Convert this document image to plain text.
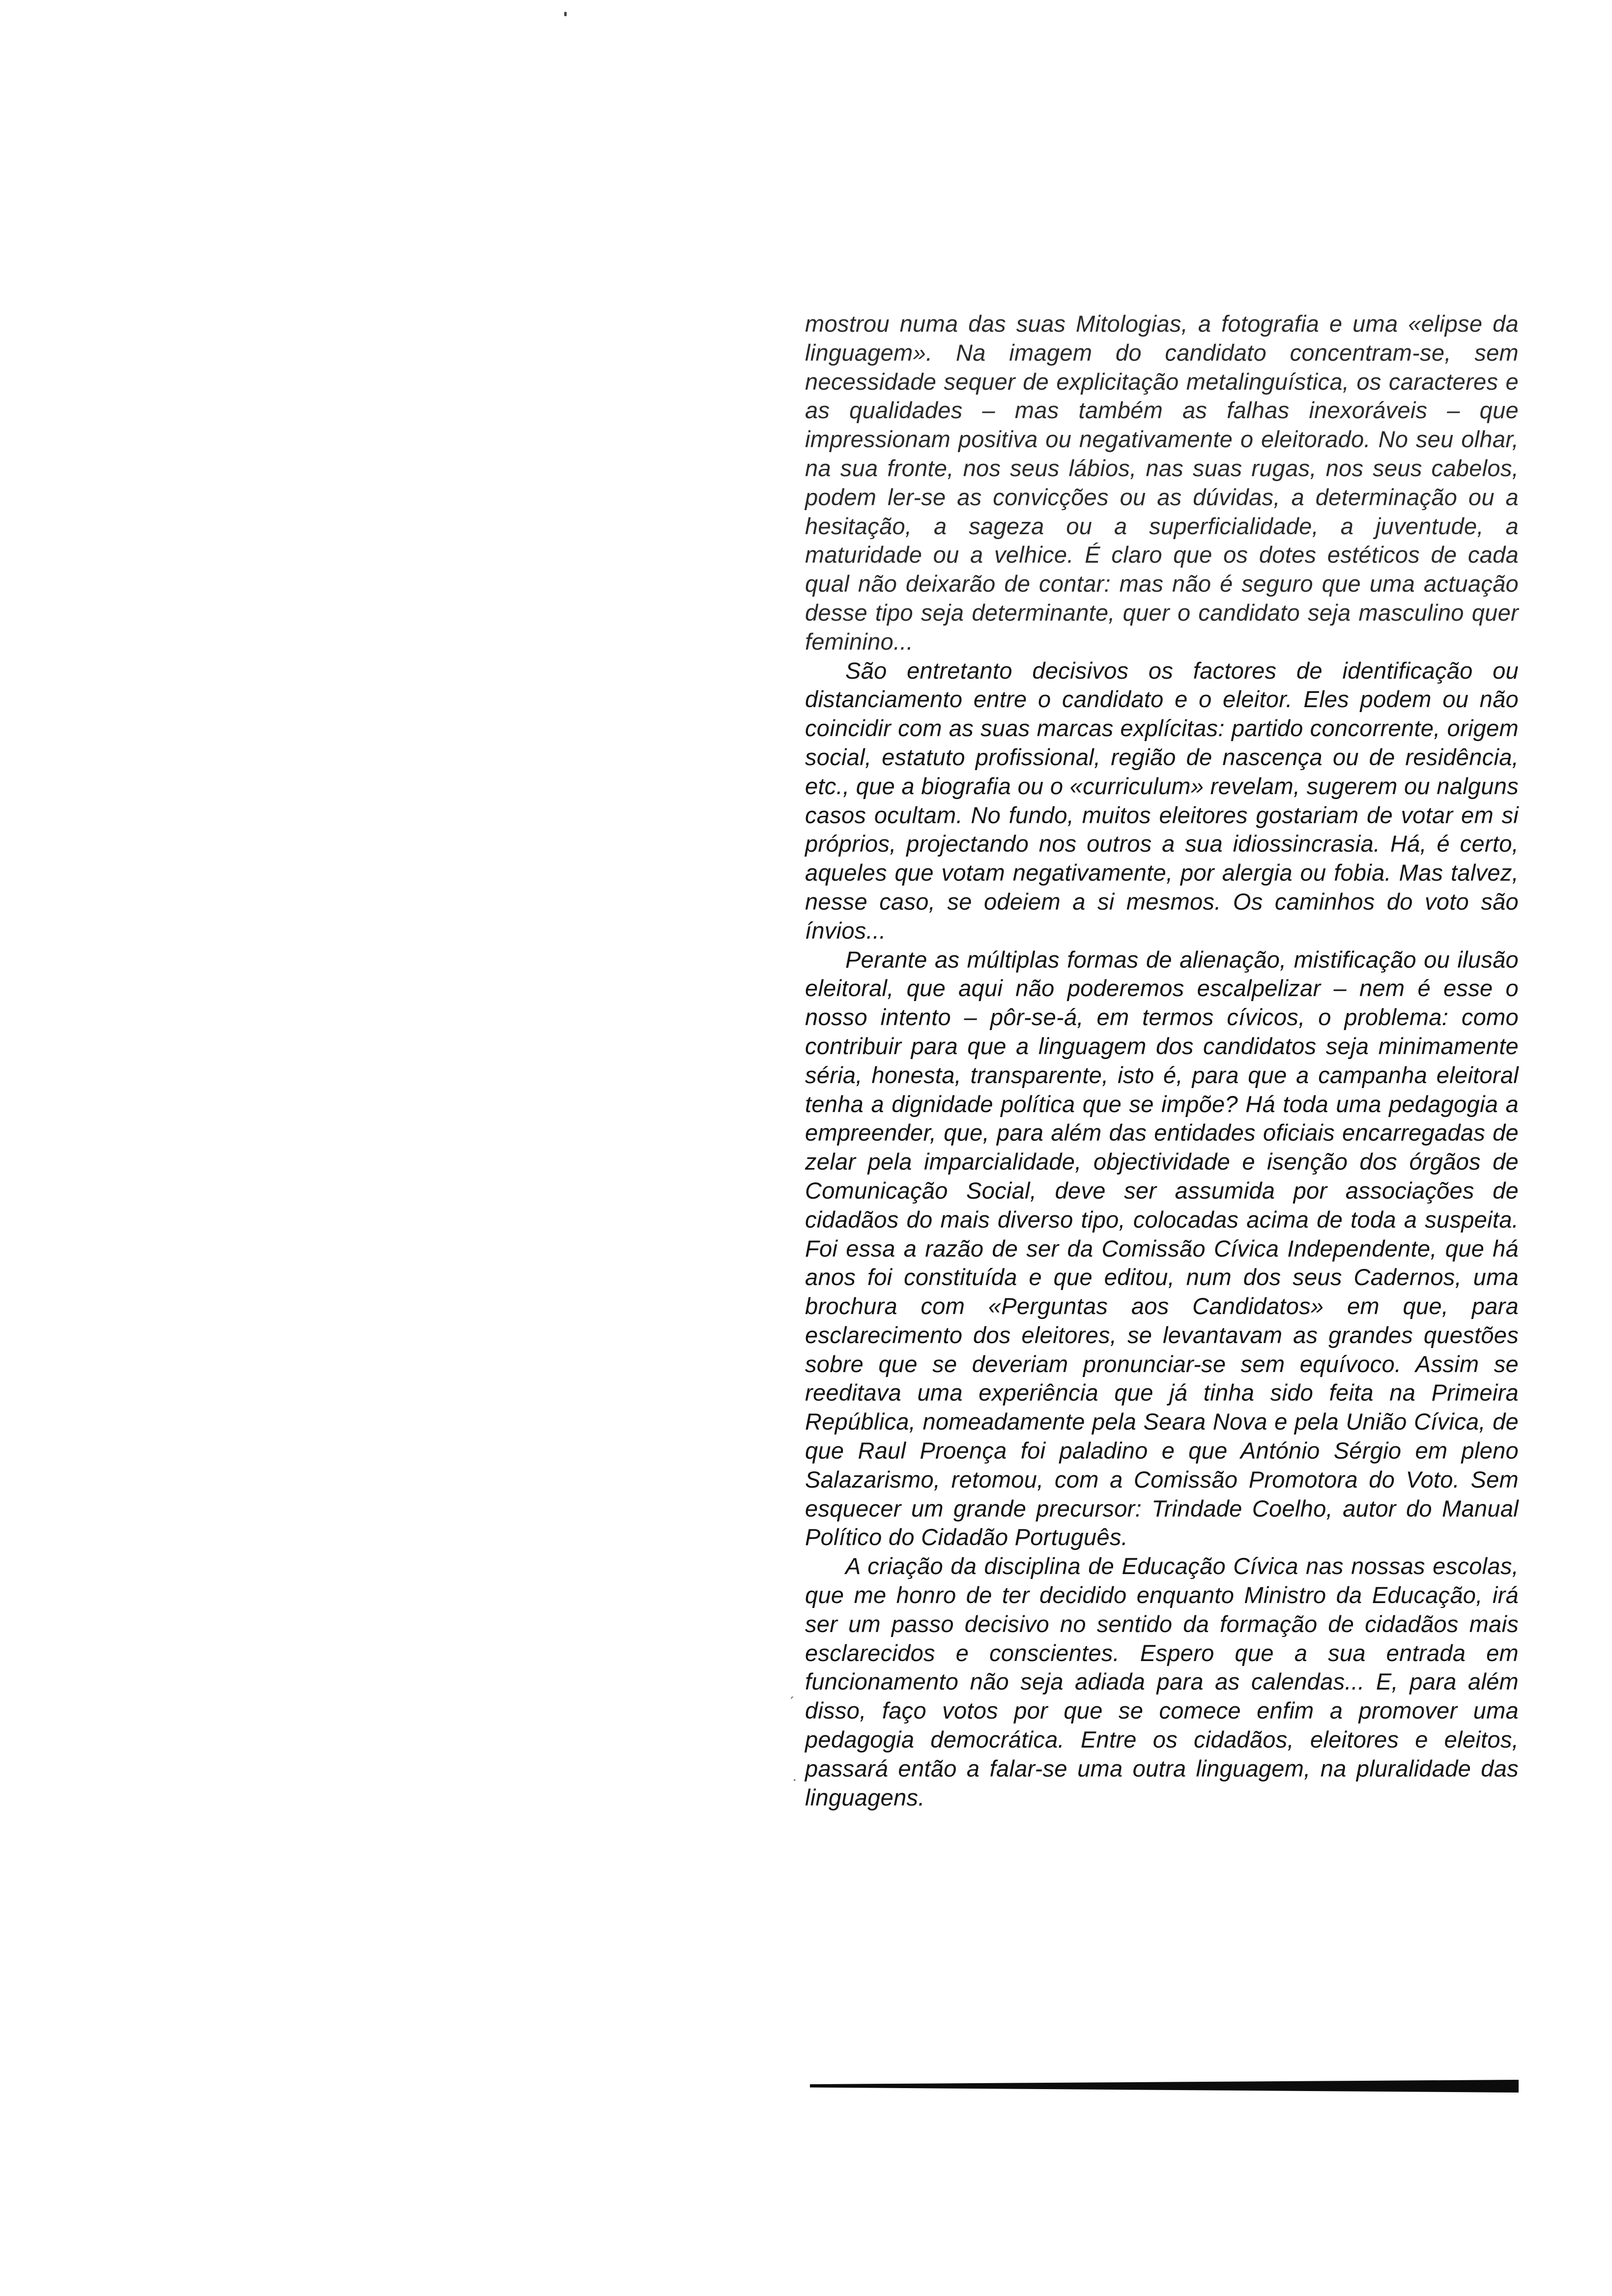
mostrou numa das suas Mitologias, a fotografia e uma «elipse da linguagem». Na imagem do candidato concentram-se, sem necessidade sequer de explicitação metalinguística, os caracteres e as qualidades – mas também as falhas inexoráveis – que impressionam positiva ou negativamente o eleitorado. No seu olhar, na sua fronte, nos seus lábios, nas suas rugas, nos seus cabelos, podem ler-se as convicções ou as dúvidas, a determinação ou a hesitação, a sageza ou a superficialidade, a juventude, a maturidade ou a velhice. É claro que os dotes estéticos de cada qual não deixarão de contar: mas não é seguro que uma actuação desse tipo seja determinante, quer o candidato seja masculino quer feminino...

São entretanto decisivos os factores de identificação ou distanciamento entre o candidato e o eleitor. Eles podem ou não coincidir com as suas marcas explícitas: partido concorrente, origem social, estatuto profissional, região de nascença ou de residência, etc., que a biografia ou o «curriculum» revelam, sugerem ou nalguns casos ocultam. No fundo, muitos eleitores gostariam de votar em si próprios, projectando nos outros a sua idiossincrasia. Há, é certo, aqueles que votam negativamente, por alergia ou fobia. Mas talvez, nesse caso, se odeiem a si mesmos. Os caminhos do voto são ínvios...

Perante as múltiplas formas de alienação, mistificação ou ilusão eleitoral, que aqui não poderemos escalpelizar – nem é esse o nosso intento – pôr-se-á, em termos cívicos, o problema: como contribuir para que a linguagem dos candidatos seja minimamente séria, honesta, transparente, isto é, para que a campanha eleitoral tenha a dignidade política que se impõe? Há toda uma pedagogia a empreender, que, para além das entidades oficiais encarregadas de zelar pela imparcialidade, objectividade e isenção dos órgãos de Comunicação Social, deve ser assumida por associações de cidadãos do mais diverso tipo, colocadas acima de toda a suspeita. Foi essa a razão de ser da Comissão Cívica Independente, que há anos foi constituída e que editou, num dos seus Cadernos, uma brochura com «Perguntas aos Candidatos» em que, para esclarecimento dos eleitores, se levantavam as grandes questões sobre que se deveriam pronunciar-se sem equívoco. Assim se reeditava uma experiência que já tinha sido feita na Primeira República, nomeadamente pela Seara Nova e pela União Cívica, de que Raul Proença foi paladino e que António Sérgio em pleno Salazarismo, retomou, com a Comissão Promotora do Voto. Sem esquecer um grande precursor: Trindade Coelho, autor do Manual Político do Cidadão Português.

A criação da disciplina de Educação Cívica nas nossas escolas, que me honro de ter decidido enquanto Ministro da Educação, irá ser um passo decisivo no sentido da formação de cidadãos mais esclarecidos e conscientes. Espero que a sua entrada em funcionamento não seja adiada para as calendas... E, para além disso, faço votos por que se comece enfim a promover uma pedagogia democrática. Entre os cidadãos, eleitores e eleitos, passará então a falar-se uma outra linguagem, na pluralidade das linguagens.

ˏ
.
